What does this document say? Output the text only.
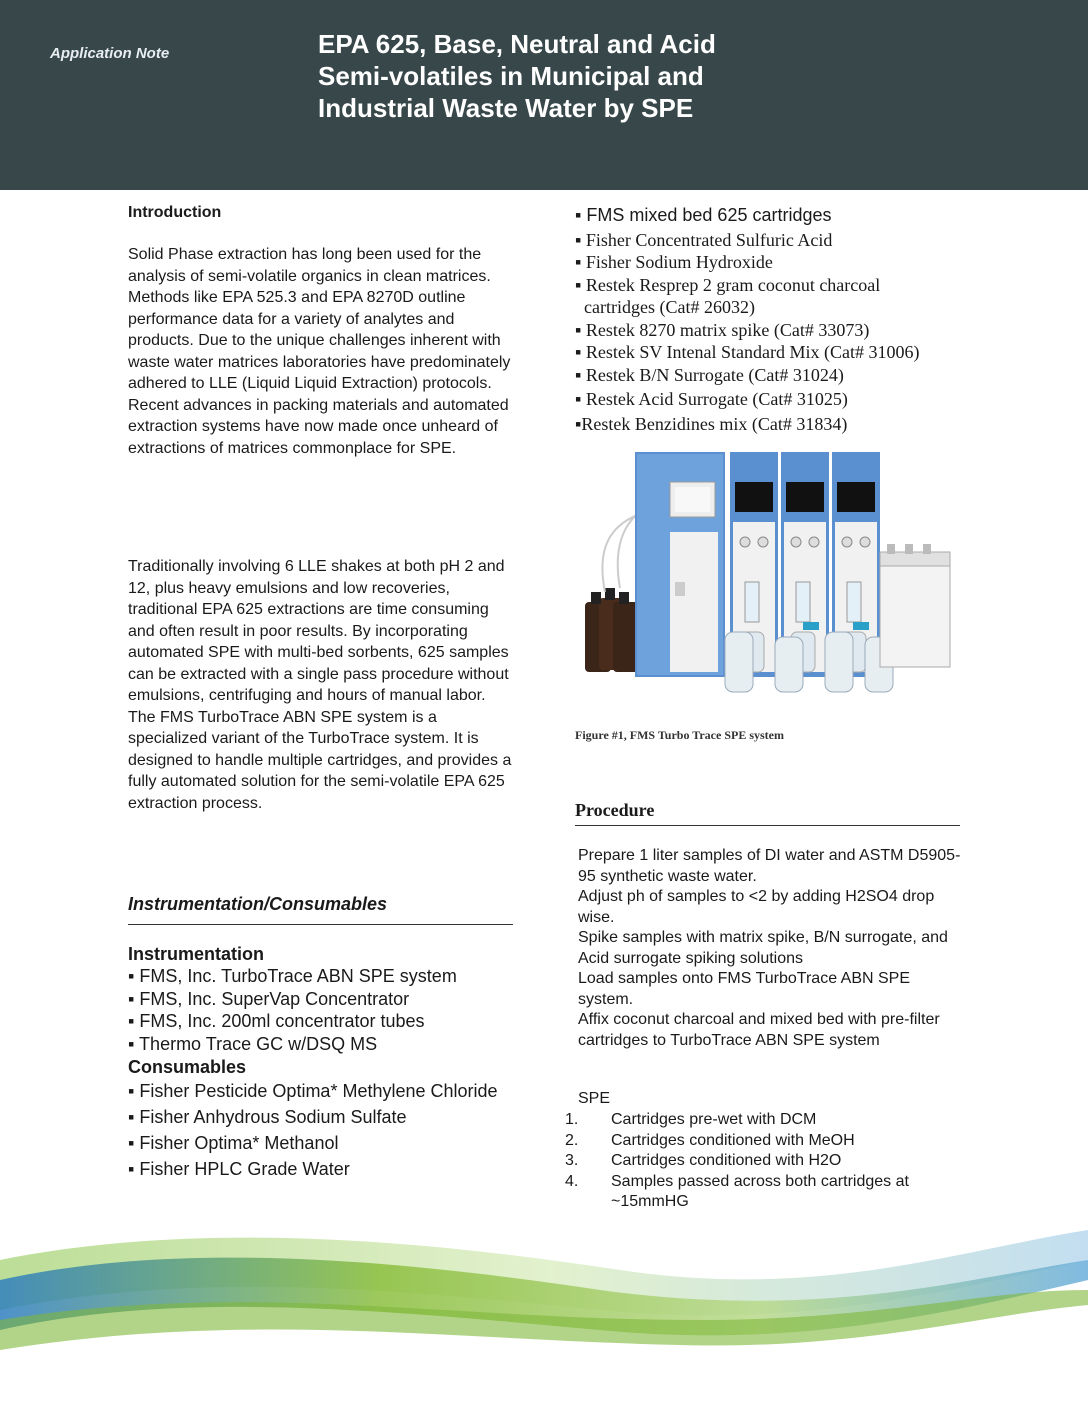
Application Note	EPA 625, Base, Neutral and Acid
Semi-volatiles in Municipal and
Industrial Waste Water by SPE

Introduction

Solid Phase extraction has long been used for the analysis of semi-volatile organics in clean matrices. Methods like EPA 525.3 and EPA 8270D outline performance data for a variety of analytes and products. Due to the unique challenges inherent with waste water matrices laboratories have predominately adhered to LLE (Liquid Liquid Extraction) protocols. Recent advances in packing materials and automated extraction systems have now made once unheard of extractions of matrices commonplace for SPE.

Traditionally involving 6 LLE shakes at both pH 2 and 12, plus heavy emulsions and low recoveries, traditional EPA 625 extractions are time consuming and often result in poor results. By incorporating automated SPE with multi-bed sorbents, 625 samples can be extracted with a single pass procedure without emulsions, centrifuging and hours of manual labor. The FMS TurboTrace ABN SPE system is a specialized variant of the TurboTrace system. It is designed to handle multiple cartridges, and provides a fully automated solution for the semi-volatile EPA 625 extraction process.

Instrumentation/Consumables

Instrumentation

▪ FMS, Inc. TurboTrace ABN SPE system
▪ FMS, Inc. SuperVap Concentrator
▪ FMS, Inc. 200ml concentrator tubes
▪ Thermo Trace GC w/DSQ MS

Consumables

▪ Fisher Pesticide Optima* Methylene Chloride
▪ Fisher Anhydrous Sodium Sulfate
▪ Fisher Optima* Methanol
▪ Fisher HPLC Grade Water
▪ FMS mixed bed 625 cartridges
▪ Fisher Concentrated Sulfuric Acid
▪ Fisher Sodium Hydroxide
▪ Restek Resprep 2 gram coconut charcoal
cartridges (Cat# 26032)
▪ Restek 8270 matrix spike (Cat# 33073)
▪ Restek SV Intenal Standard Mix (Cat# 31006)
▪ Restek B/N Surrogate (Cat# 31024)
▪ Restek Acid Surrogate (Cat# 31025)
▪Restek Benzidines mix (Cat# 31834)
Figure #1, FMS Turbo Trace SPE system
Procedure
Prepare 1 liter samples of DI water and ASTM D5905-95 synthetic waste water.
Adjust ph of samples to <2 by adding H2SO4 drop wise.
Spike samples with matrix spike, B/N surrogate, and Acid surrogate spiking solutions
Load samples onto FMS TurboTrace ABN SPE system.
Affix coconut charcoal and mixed bed with pre-filter cartridges to TurboTrace ABN SPE system
SPE
1.	Cartridges pre-wet with DCM
2.	Cartridges conditioned with MeOH
3.	Cartridges conditioned with H2O
4.	Samples passed across both cartridges at ~15mmHG
